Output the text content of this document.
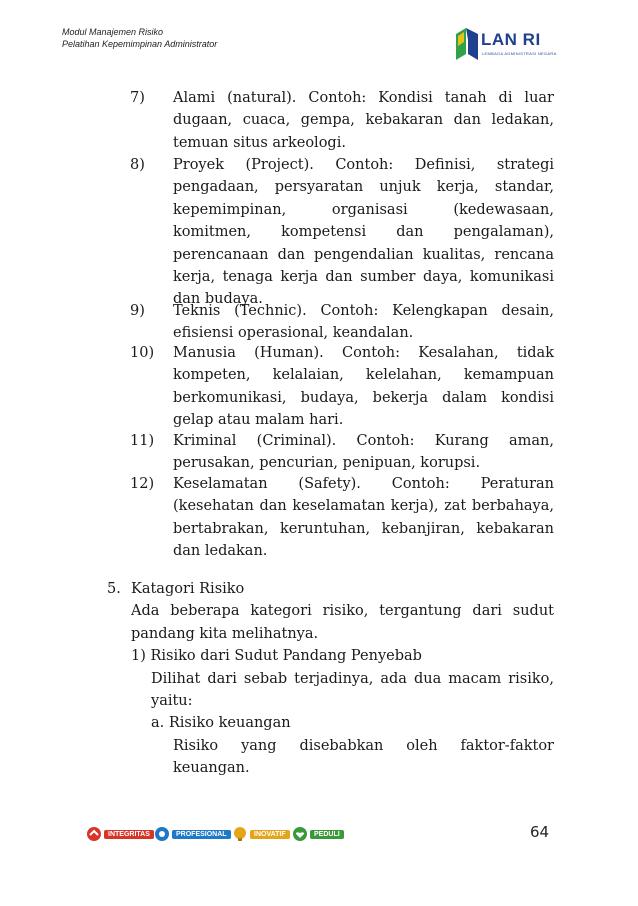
Modul Manajemen Risiko
Pelatihan Kepemimpinan Administrator	LAN RI
LEMBAGA ADMINISTRASI NEGARA
7) Alami (natural). Contoh: Kondisi tanah di luar dugaan, cuaca, gempa, kebakaran dan ledakan, temuan situs arkeologi.
8) Proyek (Project). Contoh: Definisi, strategi pengadaan, persyaratan unjuk kerja, standar, kepemimpinan, organisasi (kedewasaan, komitmen, kompetensi dan pengalaman), perencanaan dan pengendalian kualitas, rencana kerja, tenaga kerja dan sumber daya, komunikasi dan budaya.
9) Teknis (Technic). Contoh: Kelengkapan desain, efisiensi operasional, keandalan.
10) Manusia (Human). Contoh: Kesalahan, tidak kompeten, kelalaian, kelelahan, kemampuan berkomunikasi, budaya, bekerja dalam kondisi gelap atau malam hari.
11) Kriminal (Criminal). Contoh: Kurang aman, perusakan, pencurian, penipuan, korupsi.
12) Keselamatan (Safety). Contoh: Peraturan (kesehatan dan keselamatan kerja), zat berbahaya, bertabrakan, keruntuhan, kebanjiran, kebakaran dan ledakan.
5. Katagori Risiko
Ada beberapa kategori risiko, tergantung dari sudut pandang kita melihatnya.
1) Risiko dari Sudut Pandang Penyebab
Dilihat dari sebab terjadinya, ada dua macam risiko, yaitu:
a. Risiko keuangan
Risiko yang disebabkan oleh faktor-faktor keuangan.
INTEGRITAS	PROFESIONAL	INOVATIF	PEDULI	64
